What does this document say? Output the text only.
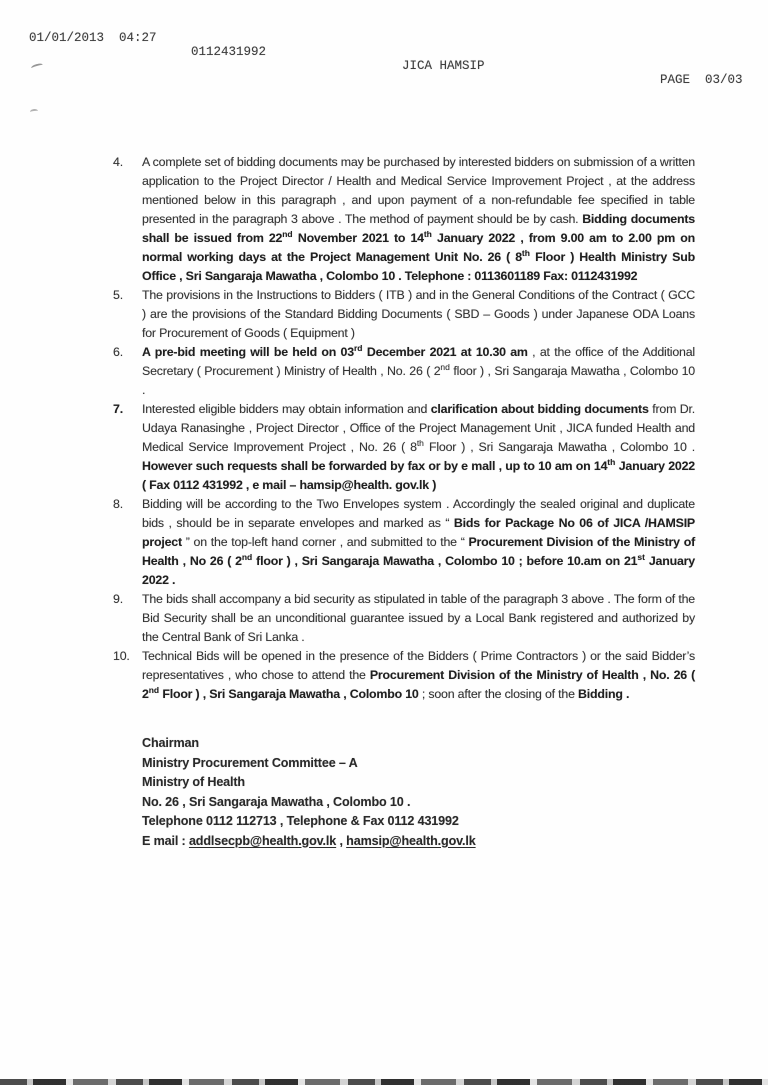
01/01/2013  04:27

0112431992

JICA HAMSIP

PAGE  03/03

4.	A complete set of bidding documents may be purchased by interested bidders on submission of a written application to the Project Director / Health and Medical Service Improvement Project , at the address mentioned below in this paragraph , and upon payment of a non-refundable fee specified in table presented in the paragraph 3 above . The method of payment should be by cash. Bidding documents shall be issued from 22nd November 2021 to 14th January 2022 , from 9.00 am to 2.00 pm on normal working days at the Project Management Unit No. 26 ( 8th Floor ) Health Ministry Sub Office , Sri Sangaraja Mawatha , Colombo 10 . Telephone : 0113601189 Fax: 0112431992

5.	The provisions in the Instructions to Bidders ( ITB ) and in the General Conditions of the Contract ( GCC ) are the provisions of the Standard Bidding Documents ( SBD – Goods ) under Japanese ODA Loans for Procurement of Goods ( Equipment )

6.	A pre-bid meeting will be held on 03rd December 2021 at 10.30 am , at the office of the Additional Secretary ( Procurement ) Ministry of Health , No. 26 ( 2nd floor ) , Sri Sangaraja Mawatha , Colombo 10 .

7.	Interested eligible bidders may obtain information and clarification about bidding documents from Dr. Udaya Ranasinghe , Project Director , Office of the Project Management Unit , JICA funded Health and Medical Service Improvement Project , No. 26 ( 8th Floor ) , Sri Sangaraja Mawatha , Colombo 10 . However such requests shall be forwarded by fax or by e mall , up to 10 am on 14th January 2022 ( Fax 0112 431992 , e mail – hamsip@health. gov.lk )

8.	Bidding will be according to the Two Envelopes system . Accordingly the sealed original and duplicate bids , should be in separate envelopes and marked as “ Bids for Package No 06 of JICA /HAMSIP project ” on the top-left hand corner , and submitted to the “ Procurement Division of the Ministry of Health , No 26 ( 2nd floor ) , Sri Sangaraja Mawatha , Colombo 10 ; before 10.am on 21st January 2022 .

9.	The bids shall accompany a bid security as stipulated in table of the paragraph 3 above . The form of the Bid Security shall be an unconditional guarantee issued by a Local Bank registered and authorized by the Central Bank of Sri Lanka .

10. Technical Bids will be opened in the presence of the Bidders ( Prime Contractors ) or the said Bidder’s representatives , who chose to attend the Procurement Division of the Ministry of Health , No. 26 ( 2nd Floor ) , Sri Sangaraja Mawatha , Colombo 10 ; soon after the closing of the Bidding .

Chairman
Ministry Procurement Committee – A
Ministry of Health
No. 26 , Sri Sangaraja Mawatha , Colombo 10 .
Telephone 0112 112713 , Telephone & Fax 0112 431992
E mail : addlsecpb@health.gov.lk , hamsip@health.gov.lk
